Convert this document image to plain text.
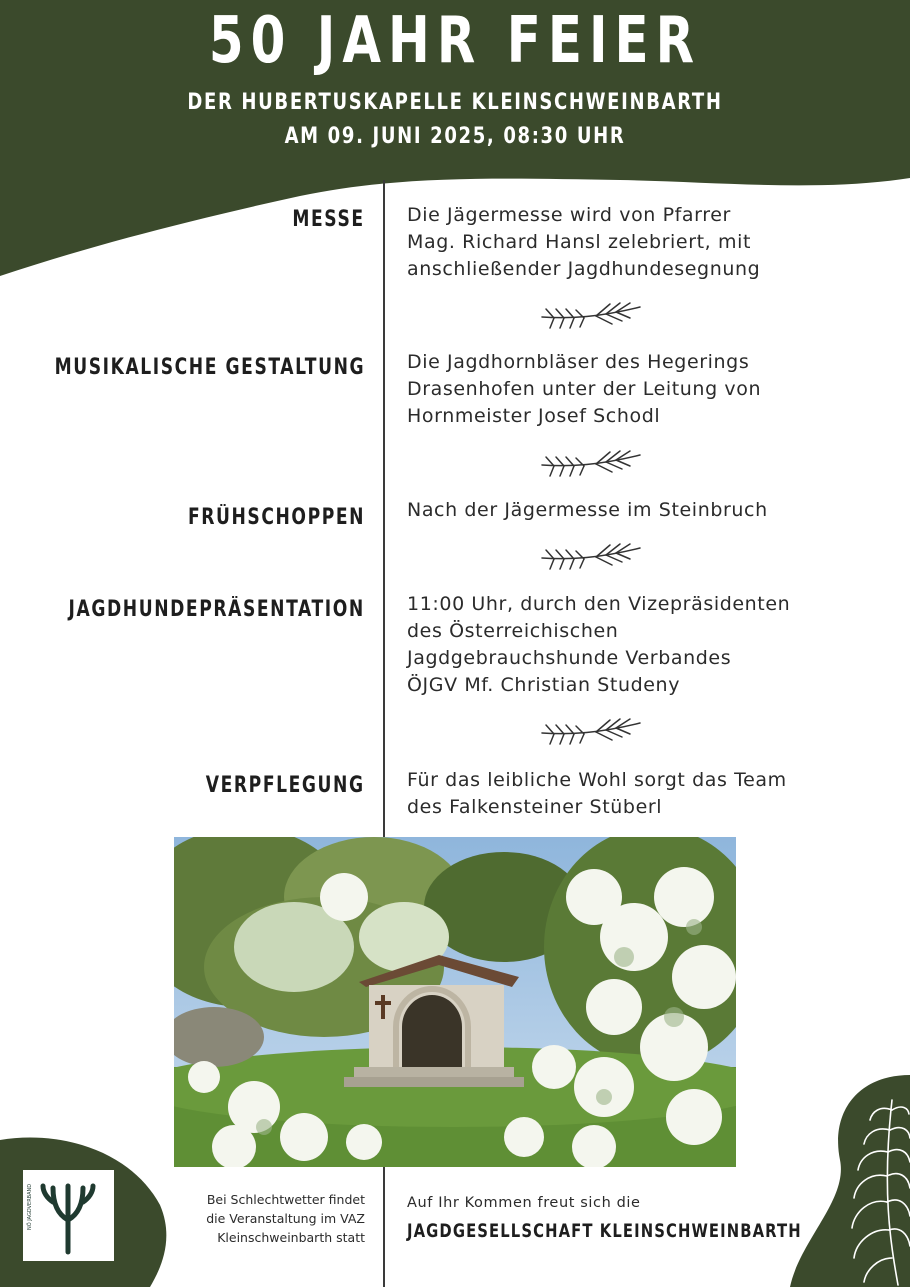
50 JAHR FEIER
DER HUBERTUSKAPELLE KLEINSCHWEINBARTH
AM 09. JUNI 2025, 08:30 UHR
MESSE Die Jägermesse wird von Pfarrer
Mag. Richard Hansl zelebriert, mit
anschließender Jagdhundesegnung
MUSIKALISCHE GESTALTUNG Die Jagdhornbläser des Hegerings
Drasenhofen unter der Leitung von
Hornmeister Josef Schodl
FRÜHSCHOPPEN Nach der Jägermesse im Steinbruch
JAGDHUNDEPRÄSENTATION 11:00 Uhr, durch den Vizepräsidenten
des Österreichischen
Jagdgebrauchshunde Verbandes
ÖJGV Mf. Christian Studeny
VERPFLEGUNG Für das leibliche Wohl sorgt das Team
des Falkensteiner Stüberl
NÖ JAGDVERBAND	Bei Schlechtwetter findet
die Veranstaltung im VAZ
Kleinschweinbarth statt
Auf Ihr Kommen freut sich die
JAGDGESELLSCHAFT KLEINSCHWEINBARTH
